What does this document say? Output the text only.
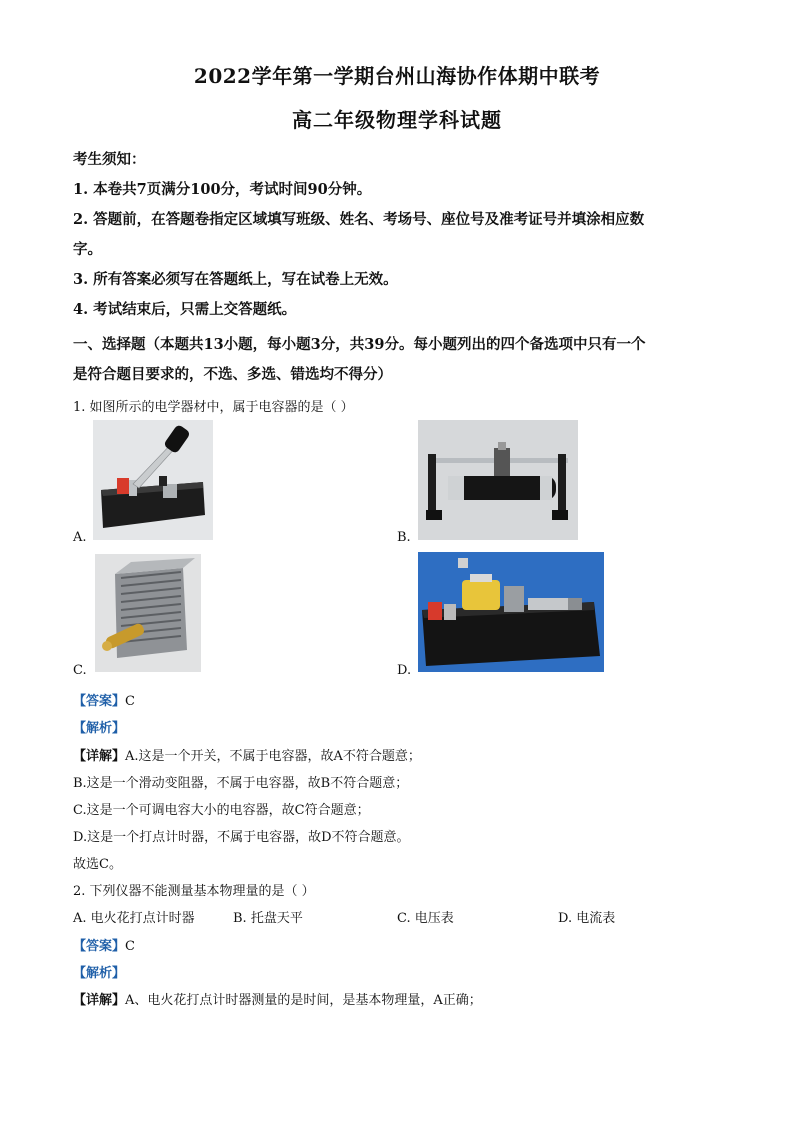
2022学年第一学期台州山海协作体期中联考
高二年级物理学科试题
考生须知：
1. 本卷共7页满分100分，考试时间90分钟。
2. 答题前，在答题卷指定区域填写班级、姓名、考场号、座位号及准考证号并填涂相应数
字。
3. 所有答案必须写在答题纸上，写在试卷上无效。
4. 考试结束后，只需上交答题纸。
一、选择题（本题共13小题，每小题3分，共39分。每小题列出的四个备选项中只有一个
是符合题目要求的，不选、多选、错选均不得分）
1. 如图所示的电学器材中，属于电容器的是（ ）
A.	B.
C.	D.
【答案】C
【解析】
【详解】A.这是一个开关，不属于电容器，故A不符合题意；
B.这是一个滑动变阻器，不属于电容器，故B不符合题意；
C.这是一个可调电容大小的电容器，故C符合题意；
D.这是一个打点计时器，不属于电容器，故D不符合题意。
故选C。
2. 下列仪器不能测量基本物理量的是（ ）
A. 电火花打点计时器	B. 托盘天平	C. 电压表	D. 电流表
【答案】C
【解析】
【详解】A、电火花打点计时器测量的是时间，是基本物理量，A正确；
